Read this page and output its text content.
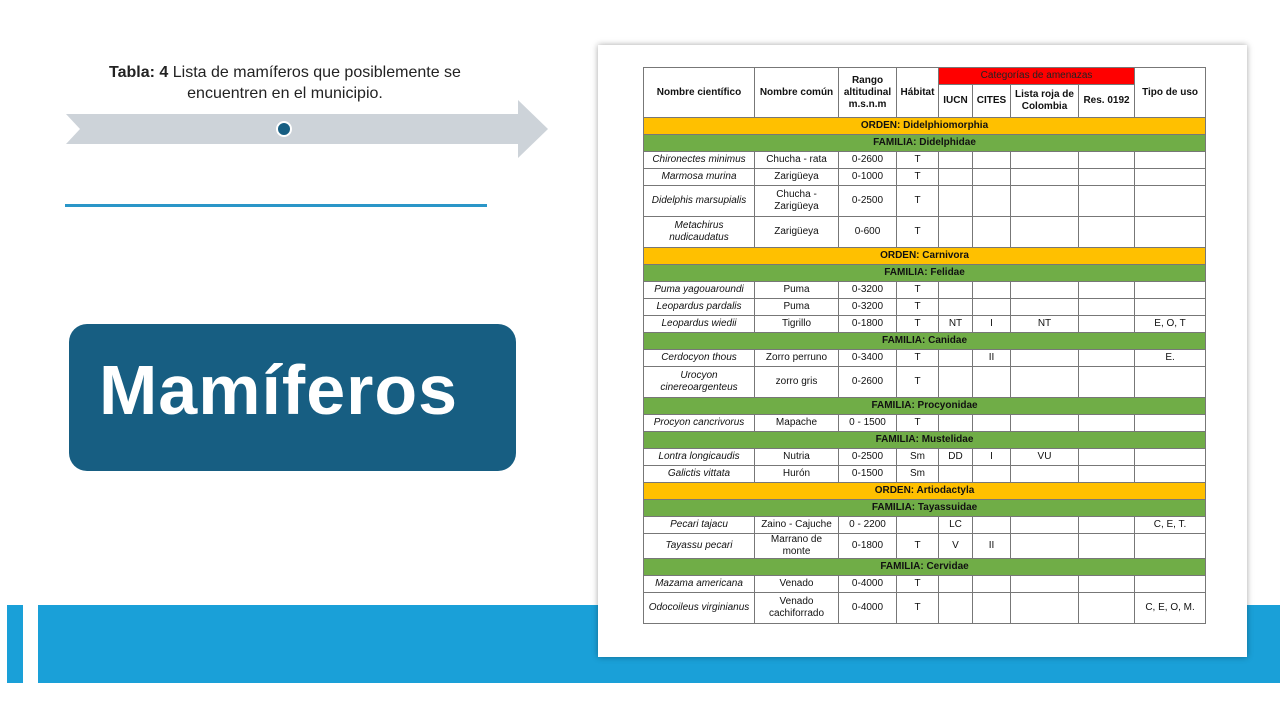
Tabla: 4 Lista de mamíferos que posiblemente se encuentren en el municipio.
Mamíferos
Nombre científico	Nombre común	Rango altitudinal m.s.n.m	Hábitat	Categorías de amenazas				Tipo de uso
				IUCN	CITES	Lista roja de Colombia	Res. 0192	
ORDEN: Didelphiomorphia								
FAMILIA: Didelphidae								
Chironectes minimus	Chucha - rata	0-2600	T					
Marmosa murina	Zarigüeya	0-1000	T					
Didelphis marsupialis	Chucha - Zarigüeya	0-2500	T					
Metachirus nudicaudatus	Zarigüeya	0-600	T					
ORDEN: Carnivora								
FAMILIA: Felidae								
Puma yagouaroundi	Puma	0-3200	T					
Leopardus pardalis	Puma	0-3200	T					
Leopardus wiedii	Tigrillo	0-1800	T	NT	I	NT		E, O, T
FAMILIA: Canidae								
Cerdocyon thous	Zorro perruno	0-3400	T		II			E.
Urocyon cinereoargenteus	zorro gris	0-2600	T					
FAMILIA: Procyonidae								
Procyon cancrivorus	Mapache	0 - 1500	T					
FAMILIA: Mustelidae								
Lontra longicaudis	Nutria	0-2500	Sm	DD	I	VU		
Galictis vittata	Hurón	0-1500	Sm					
ORDEN: Artiodactyla								
FAMILIA: Tayassuidae								
Pecari tajacu	Zaino - Cajuche	0 - 2200		LC				C, E, T.
Tayassu pecari	Marrano de monte	0-1800	T	V	II			
FAMILIA: Cervidae								
Mazama americana	Venado	0-4000	T					
Odocoileus virginianus	Venado cachiforrado	0-4000	T					C, E, O, M.
